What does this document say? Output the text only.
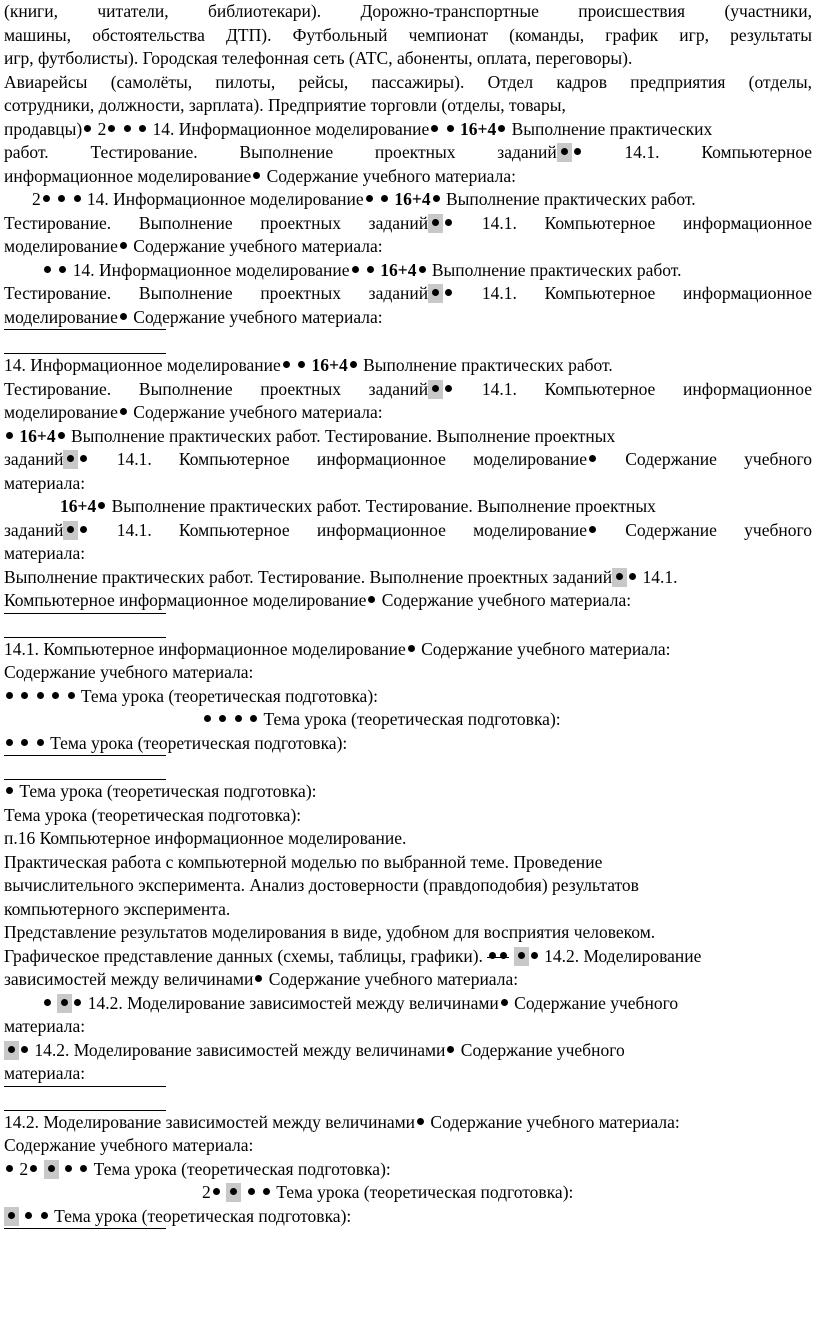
(книги, читатели, библиотекари). Дорожно-транспортные происшествия (участники,
машины, обстоятельства ДТП). Футбольный чемпионат (команды, график игр, результаты
игр, футболисты). Городская телефонная сеть (АТС, абоненты, оплата, переговоры).
Авиарейсы (самолёты, пилоты, рейсы, пассажиры). Отдел кадров предприятия (отделы,
сотрудники, должности, зарплата). Предприятие торговли (отделы, товары,
продавцы) 2	14. Информационное моделирование 16+4 Выполнение практических
работ. Тестирование. Выполнение проектных заданий	14.1. Компьютерное
информационное моделирование Содержание учебного материала:
2	14. Информационное моделирование 16+4 Выполнение практических работ.
Тестирование. Выполнение проектных заданий	14.1. Компьютерное информационное
моделирование Содержание учебного материала:
14. Информационное моделирование 16+4 Выполнение практических работ.
Тестирование. Выполнение проектных заданий	14.1. Компьютерное информационное
моделирование Содержание учебного материала:
14. Информационное моделирование 16+4 Выполнение практических работ.
Тестирование. Выполнение проектных заданий	14.1. Компьютерное информационное
моделирование Содержание учебного материала:
16+4 Выполнение практических работ. Тестирование. Выполнение проектных
заданий	14.1. Компьютерное информационное моделирование Содержание учебного
материала:
16+4 Выполнение практических работ. Тестирование. Выполнение проектных
заданий	14.1. Компьютерное информационное моделирование Содержание учебного
материала:
Выполнение практических работ. Тестирование. Выполнение проектных заданий 14.1.
Компьютерное информационное моделирование Содержание учебного материала:
14.1. Компьютерное информационное моделирование Содержание учебного материала:
Содержание учебного материала:
Тема урока (теоретическая подготовка):
Тема урока (теоретическая подготовка):
Тема урока (теоретическая подготовка):
Тема урока (теоретическая подготовка):
Тема урока (теоретическая подготовка):
п.16 Компьютерное информационное моделирование.
Практическая работа с компьютерной моделью по выбранной теме. Проведение
вычислительного эксперимента. Анализ достоверности (правдоподобия) результатов
компьютерного эксперимента.
Представление результатов моделирования в виде, удобном для восприятия человеком.
Графическое представление данных (схемы, таблицы, графики).	14.2. Моделирование
зависимостей между величинами Содержание учебного материала:
14.2. Моделирование зависимостей между величинами Содержание учебного
материала:
14.2. Моделирование зависимостей между величинами Содержание учебного
материала:
14.2. Моделирование зависимостей между величинами Содержание учебного материала:
Содержание учебного материала:
2	Тема урока (теоретическая подготовка):
2	Тема урока (теоретическая подготовка):
Тема урока (теоретическая подготовка):
